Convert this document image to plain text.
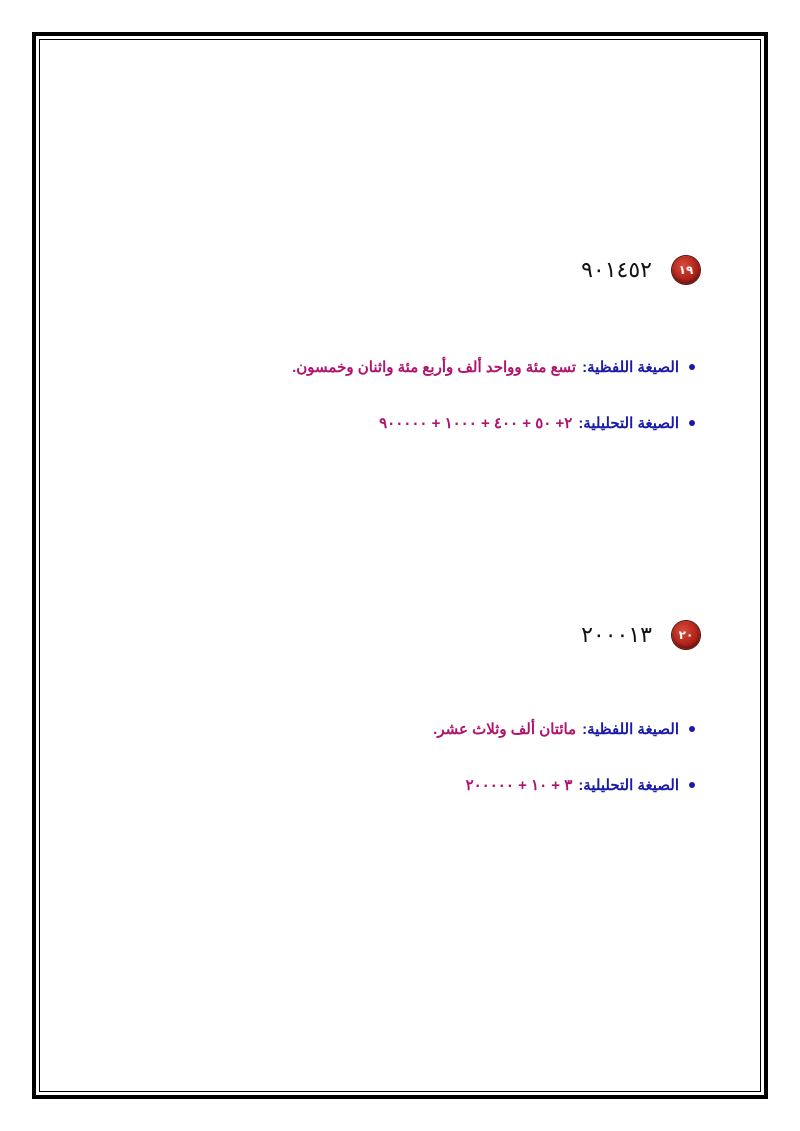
١٩
٩٠١٤٥٢
الصيغة اللفظية:
تسع مئة وواحد ألف وأربع مئة واثنان وخمسون.
الصيغة التحليلية:
٢+ ٥٠ + ٤٠٠ + ١٠٠٠ + ٩٠٠٠٠٠
٢٠
٢٠٠٠١٣
الصيغة اللفظية:
مائتان ألف وثلاث عشر.
الصيغة التحليلية:
٣ + ١٠ + ٢٠٠٠٠٠
